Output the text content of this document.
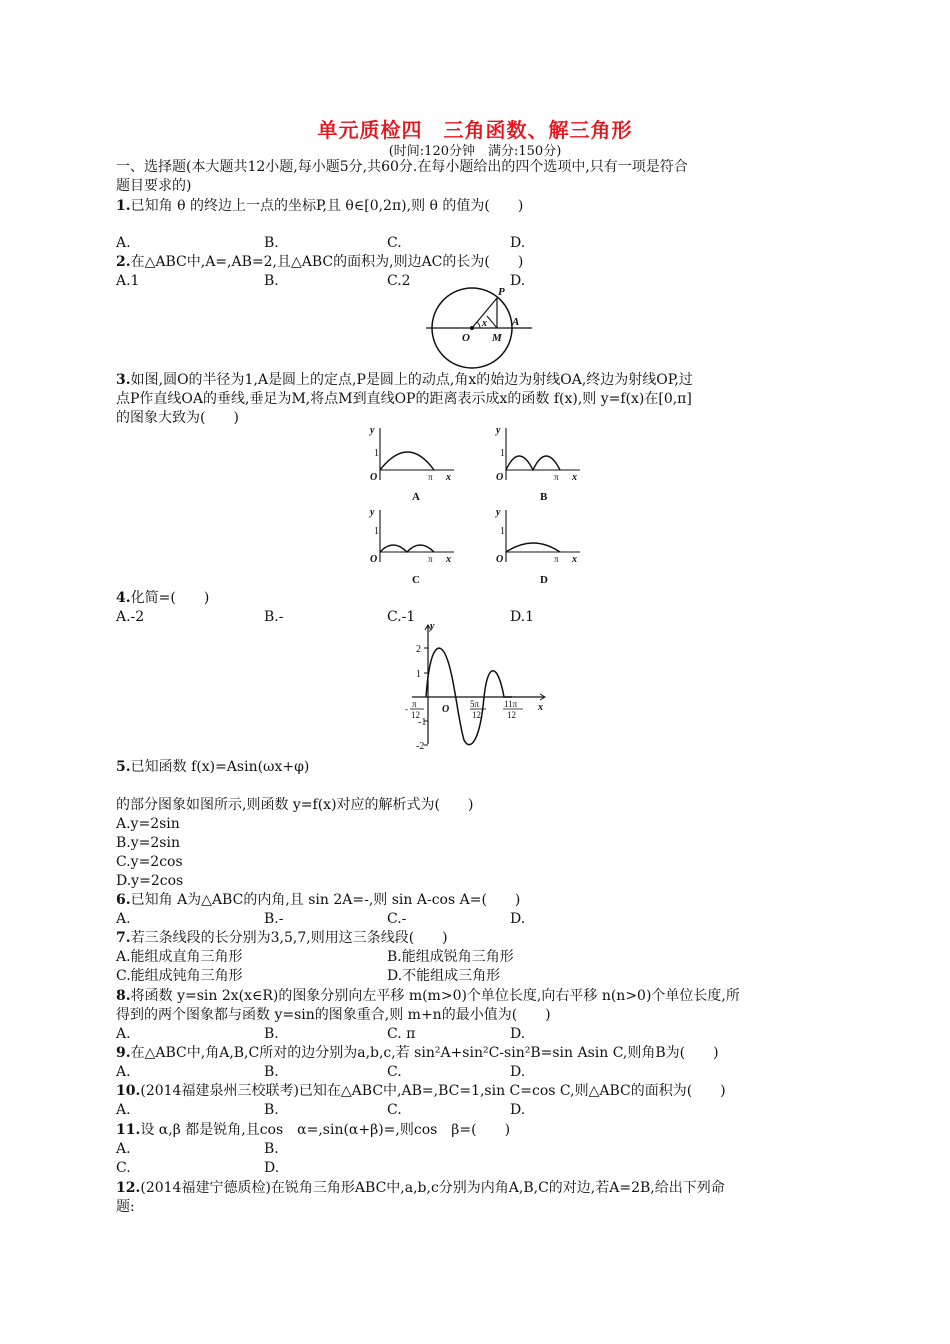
单元质检四　三角函数、解三角形
(时间:120分钟　满分:150分)
一、选择题(本大题共12小题,每小题5分,共60分.在每小题给出的四个选项中,只有一项是符合
题目要求的)
1.已知角 θ 的终边上一点的坐标P,且 θ∈[0,2π),则 θ 的值为(　　)
A.	B.	C.	D.
2.在△ABC中,A=,AB=2,且△ABC的面积为,则边AC的长为(　　)
A.1	B.	C.2	D.
P
A
O M
x
3.如图,圆O的半径为1,A是圆上的定点,P是圆上的动点,角x的始边为射线OA,终边为射线OP,过
点P作直线OA的垂线,垂足为M,将点M到直线OP的距离表示成x的函数 f(x),则 y=f(x)在[0,π]
的图象大致为(　　)
y
1
O	π x
A
y
1
O	π x
B
y
1
O	π x
C
y
1
O	π x
D
4.化简=(　　)
A.-2	B.-	C.-1	D.1
y
x
2
1
-1
-2
O
- π
12
5π
12
11π
12
5.已知函数 f(x)=Asin(ωx+φ)
的部分图象如图所示,则函数 y=f(x)对应的解析式为(　　)
A.y=2sin
B.y=2sin
C.y=2cos
D.y=2cos
6.已知角 A为△ABC的内角,且 sin 2A=-,则 sin A-cos A=(　　)
A.	B.-	C.-	D.
7.若三条线段的长分别为3,5,7,则用这三条线段(　　)
A.能组成直角三角形	B.能组成锐角三角形
C.能组成钝角三角形	D.不能组成三角形
8.将函数 y=sin 2x(x∈R)的图象分别向左平移 m(m>0)个单位长度,向右平移 n(n>0)个单位长度,所
得到的两个图象都与函数 y=sin的图象重合,则 m+n的最小值为(　　)
A.	B.	C. π	D.
9.在△ABC中,角A,B,C所对的边分别为a,b,c,若 sin²A+sin²C-sin²B=sin Asin C,则角B为(　　)
A.	B.	C.	D.
10.(2014福建泉州三校联考)已知在△ABC中,AB=,BC=1,sin C=cos C,则△ABC的面积为(　　)
A.	B.	C.	D.
11.设 α,β 都是锐角,且cos　α=,sin(α+β)=,则cos　β=(　　)
A.	B.
C.	D.
12.(2014福建宁德质检)在锐角三角形ABC中,a,b,c分别为内角A,B,C的对边,若A=2B,给出下列命
题:
